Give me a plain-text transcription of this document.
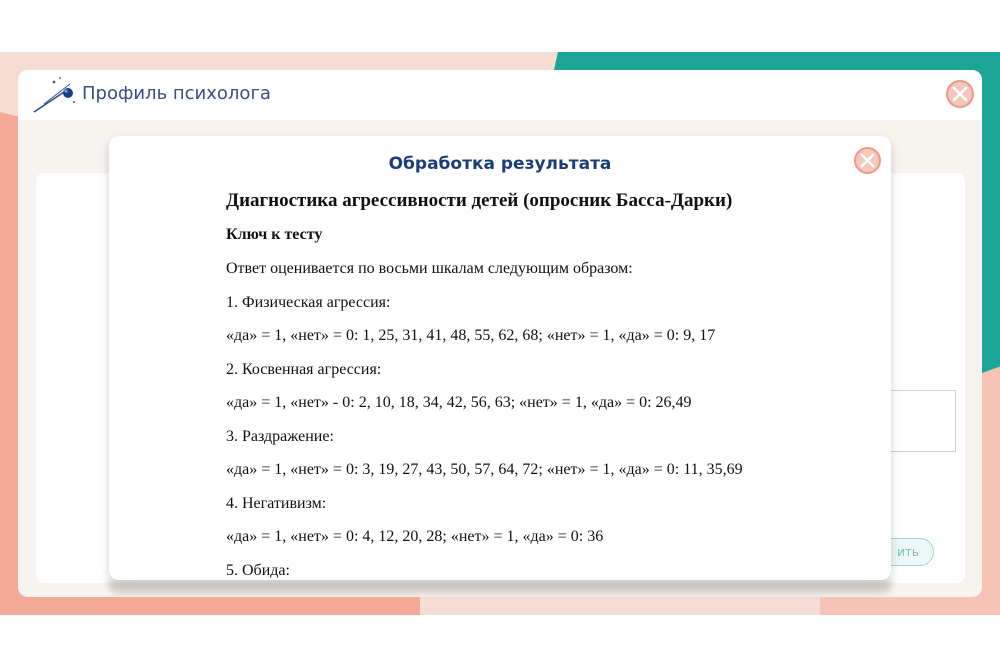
Профиль психолога
ить
Обработка результата

Диагностика агрессивности детей (опросник Басса-Дарки)

Ключ к тесту

Ответ оценивается по восьми шкалам следующим образом:

1. Физическая агрессия:

«да» = 1, «нет» = 0: 1, 25, 31, 41, 48, 55, 62, 68; «нет» = 1, «да» = 0: 9, 17

2. Косвенная агрессия:

«да» = 1, «нет» - 0: 2, 10, 18, 34, 42, 56, 63; «нет» = 1, «да» = 0: 26,49

3. Раздражение:

«да» = 1, «нет» = 0: 3, 19, 27, 43, 50, 57, 64, 72; «нет» = 1, «да» = 0: 11, 35,69

4. Негативизм:

«да» = 1, «нет» = 0: 4, 12, 20, 28; «нет» = 1, «да» = 0: 36

5. Обида:
